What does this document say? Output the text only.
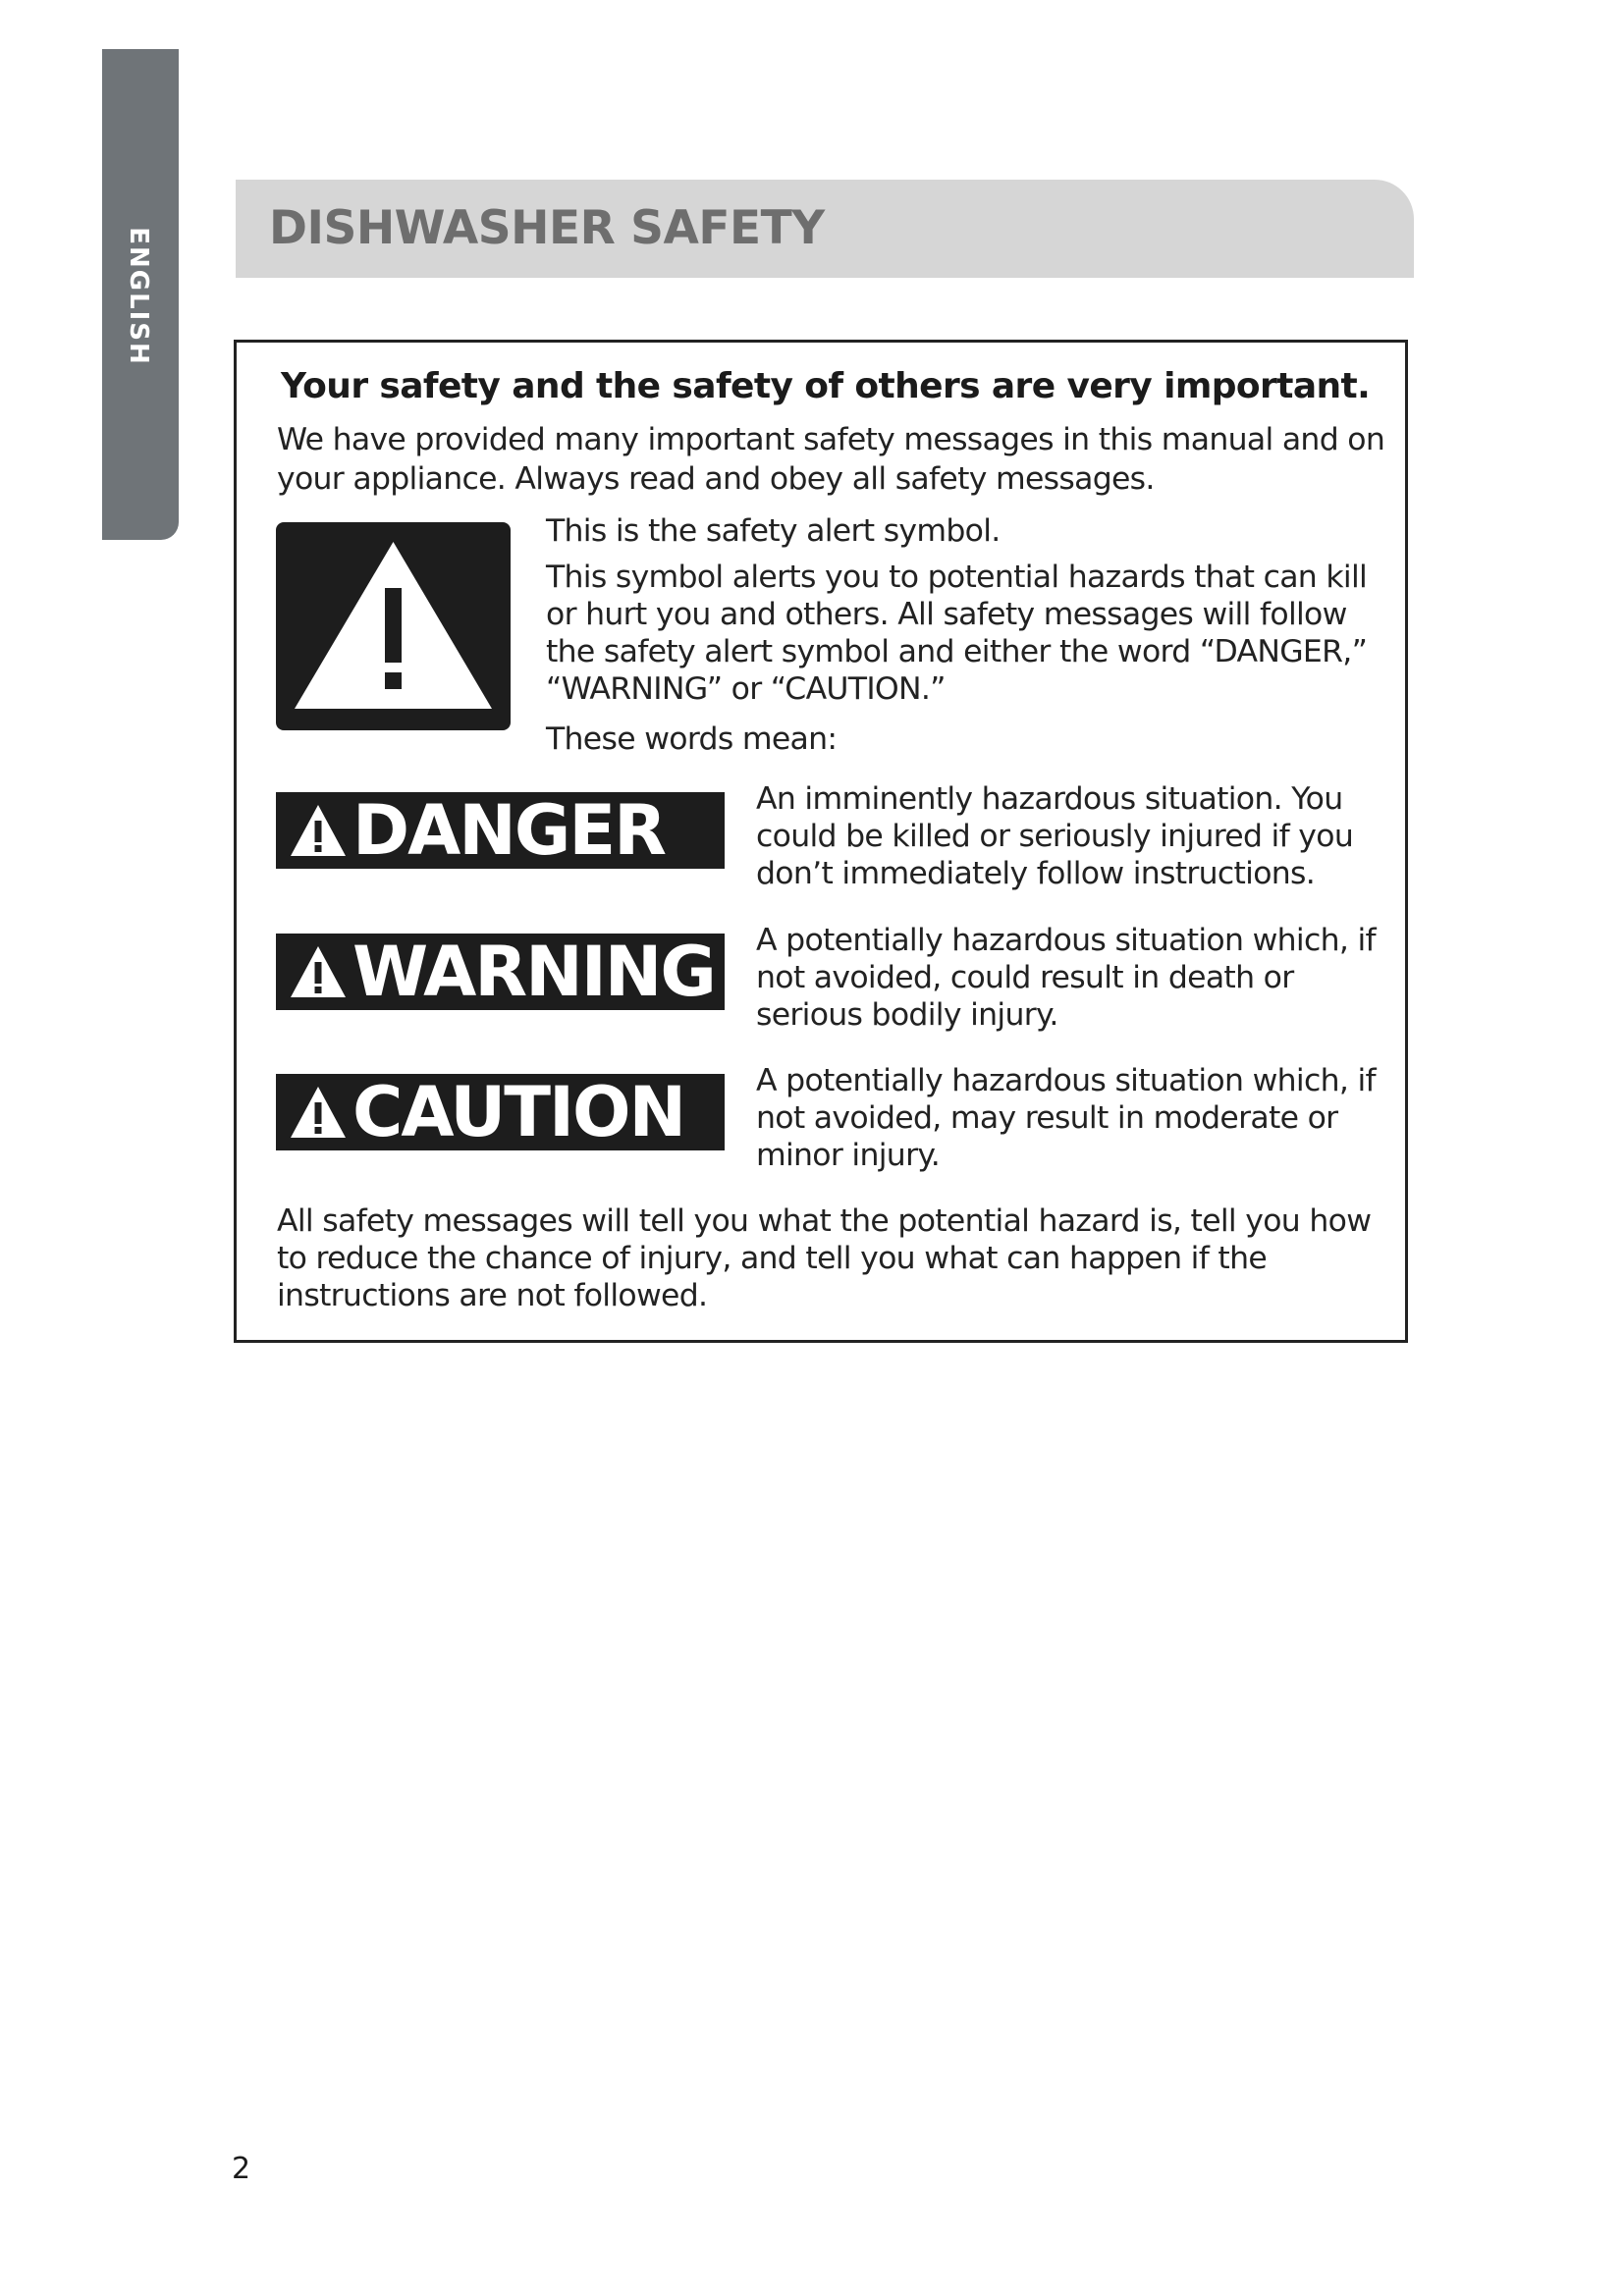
ENGLISH	DISHWASHER SAFETY
Your safety and the safety of others are very important.
We have provided many important safety messages in this manual and on your appliance. Always read and obey all safety messages.
This is the safety alert symbol.
This symbol alerts you to potential hazards that can kill or hurt you and others. All safety messages will follow the safety alert symbol and either the word “DANGER,” “WARNING” or “CAUTION.”
These words mean:
DANGER	An imminently hazardous situation. You could be killed or seriously injured if you don’t immediately follow instructions.
WARNING A potentially hazardous situation which, if not avoided, could result in death or serious bodily injury.
CAUTION A potentially hazardous situation which, if not avoided, may result in moderate or minor injury.
All safety messages will tell you what the potential hazard is, tell you how to reduce the chance of injury, and tell you what can happen if the instructions are not followed.
2
